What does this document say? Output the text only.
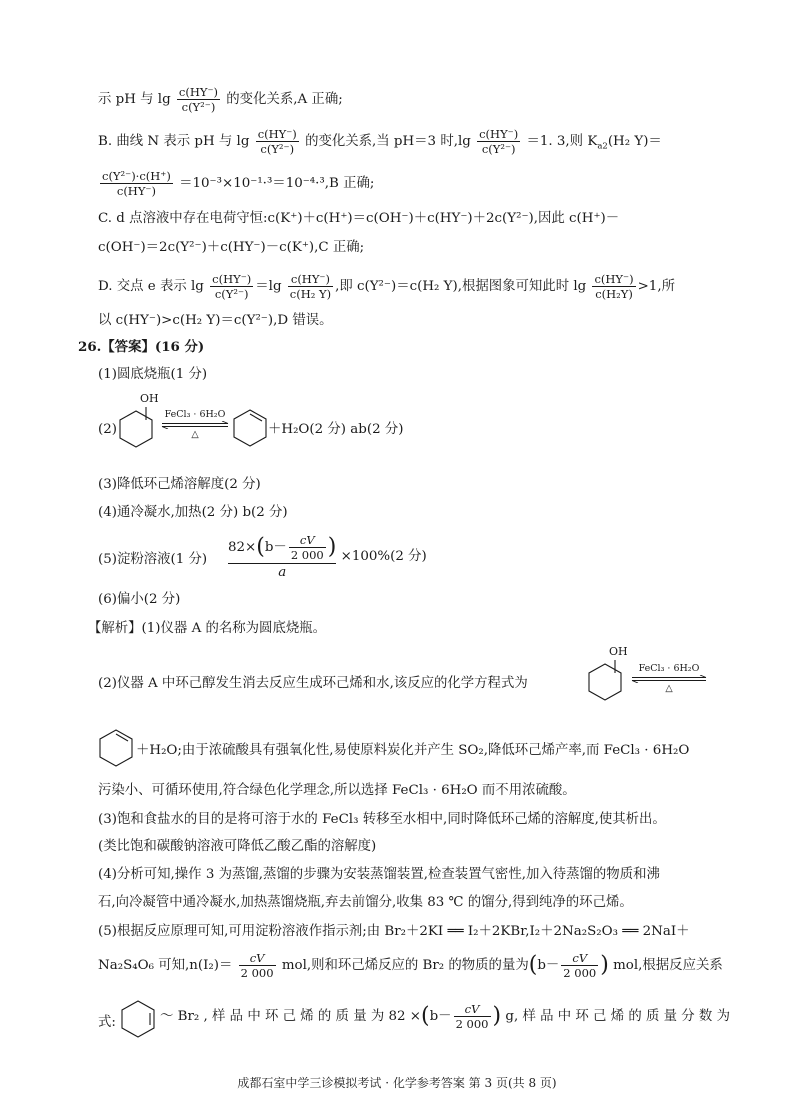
示 pH 与 $\lg \frac{c(HY^-)}{\text{c(Y²⁻)}}$ 的变化关系,A 正确;
B. 曲线 N 表示 pH 与 $\lg \frac{c(HY^-)}{\text{c(Y²⁻)}}$ 的变化关系,当 pH＝3 时$,\lg \frac{c(HY^-)}{\text{c(Y²⁻)}} =1$. 3,则 $K_{a2}(H_2$ Y)＝
$\frac{\text{c(Y²⁻)·c(H⁺)}}{c(HY^-)} =10^{-3}\times 10^{-1}\cdot^3=10^{-4}\cdot^3,B$ 正确;
C. d 点溶液中存在电荷守恒:c(K⁺)＋c(H⁺)＝c(OH⁻)＋c(HY⁻)＋2c(Y²⁻),因此 c(H⁺)－
c(OH⁻)＝2c(Y²⁻)＋c(HY⁻)－c(K⁺),C 正确;
D. 交点 e 表示 $\lg \frac{c(HY^-)}{\text{c(Y²⁻)}} =\lg \frac{c(HY^-)}{\text{c(H₂ Y)}}$ ,即 c(Y²⁻)＝c(H₂ Y),根据图象可知此时 $\lg \frac{c(HY^-)}{\text{c(H₂Y)}} >1$,所
以 c(HY⁻)>c(H₂ Y)＝c(Y²⁻),D 错误。
26.【答案】(16 分)
(1)圆底烧瓶(1 分)
(2)
OH
FeCl₃ · 6H₂O
△	＋H₂O(2 分) ab(2 分)
(3)降低环己烯溶解度(2 分)
(4)通冷凝水,加热(2 分) b(2 分)
(5)淀粉溶液(1 分) $\frac{82\times(b- \frac{cV}{2 000} )}{a} \times 100\%(2$ 分)
(6)偏小(2 分)
【解析】(1)仪器 A 的名称为圆底烧瓶。
(2)仪器 A 中环己醇发生消去反应生成环己烯和水,该反应的化学方程式为
OH
FeCl₃ · 6H₂O
△
＋H₂O;由于浓硫酸具有强氧化性,易使原料炭化并产生 SO₂,降低环己烯产率,而 FeCl₃ · 6H₂O
污染小、可循环使用,符合绿色化学理念,所以选择 FeCl₃ · 6H₂O 而不用浓硫酸。
(3)饱和食盐水的目的是将可溶于水的 FeCl₃ 转移至水相中,同时降低环己烯的溶解度,使其析出。
(类比饱和碳酸钠溶液可降低乙酸乙酯的溶解度)
(4)分析可知,操作 3 为蒸馏,蒸馏的步骤为安装蒸馏装置,检查装置气密性,加入待蒸馏的物质和沸
石,向冷凝管中通冷凝水,加热蒸馏烧瓶,弃去前馏分,收集 83 ℃ 的馏分,得到纯净的环己烯。
(5)根据反应原理可知,可用淀粉溶液作指示剂;由 Br₂＋2KI ══ I₂＋2KBr,I₂＋2Na₂S₂O₃ ══ 2NaI＋
Na₂S₄O₆ 可知$,n(I_2)= \frac{cV}{2 000}$ mol,则和环己烯反应的 Br₂ 的物质的量为($b- \frac{cV}{2 000}$ ) mol,根据反应关系
式:	～ Br₂ , 样 品 中 环 己 烯 的 质 量 为 $82 \times(b- \frac{cV}{2 000}$ ) g, 样 品 中 环 己 烯 的 质 量 分 数 为
成都石室中学三诊模拟考试 · 化学参考答案 第 3 页(共 8 页)
